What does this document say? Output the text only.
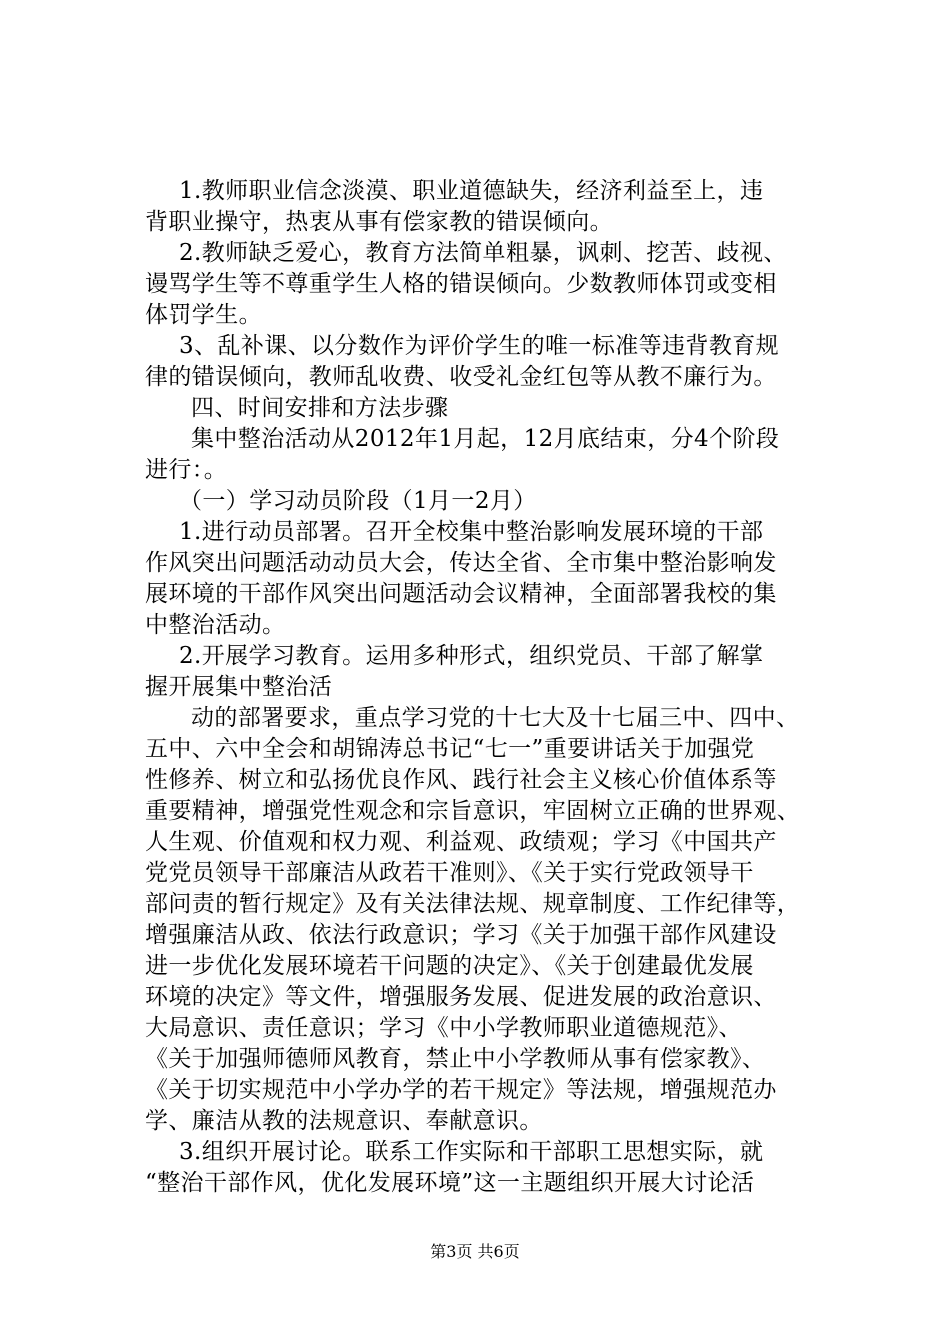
1.教师职业信念淡漠、职业道德缺失，经济利益至上，违
背职业操守，热衷从事有偿家教的错误倾向。
2.教师缺乏爱心，教育方法简单粗暴，讽刺、挖苦、歧视、
谩骂学生等不尊重学生人格的错误倾向。少数教师体罚或变相
体罚学生。
3、乱补课、以分数作为评价学生的唯一标准等违背教育规
律的错误倾向，教师乱收费、收受礼金红包等从教不廉行为。
四、时间安排和方法步骤
集中整治活动从2012年1月起，12月底结束，分4个阶段
进行：。
（一）学习动员阶段（1月一2月）
1.进行动员部署。召开全校集中整治影响发展环境的干部
作风突出问题活动动员大会，传达全省、全市集中整治影响发
展环境的干部作风突出问题活动会议精神，全面部署我校的集
中整治活动。
2.开展学习教育。运用多种形式，组织党员、干部了解掌
握开展集中整治活
动的部署要求，重点学习党的十七大及十七届三中、四中、
五中、六中全会和胡锦涛总书记“七一”重要讲话关于加强党
性修养、树立和弘扬优良作风、践行社会主义核心价值体系等
重要精神，增强党性观念和宗旨意识，牢固树立正确的世界观、
人生观、价值观和权力观、利益观、政绩观；学习《中国共产
党党员领导干部廉洁从政若干准则》、《关于实行党政领导干
部问责的暂行规定》及有关法律法规、规章制度、工作纪律等，
增强廉洁从政、依法行政意识；学习《关于加强干部作风建设
进一步优化发展环境若干问题的决定》、《关于创建最优发展
环境的决定》等文件，增强服务发展、促进发展的政治意识、
大局意识、责任意识；学习《中小学教师职业道德规范》、
《关于加强师德师风教育，禁止中小学教师从事有偿家教》、
《关于切实规范中小学办学的若干规定》等法规，增强规范办
学、廉洁从教的法规意识、奉献意识。
3.组织开展讨论。联系工作实际和干部职工思想实际，就
“整治干部作风，优化发展环境”这一主题组织开展大讨论活
第3页 共6页
